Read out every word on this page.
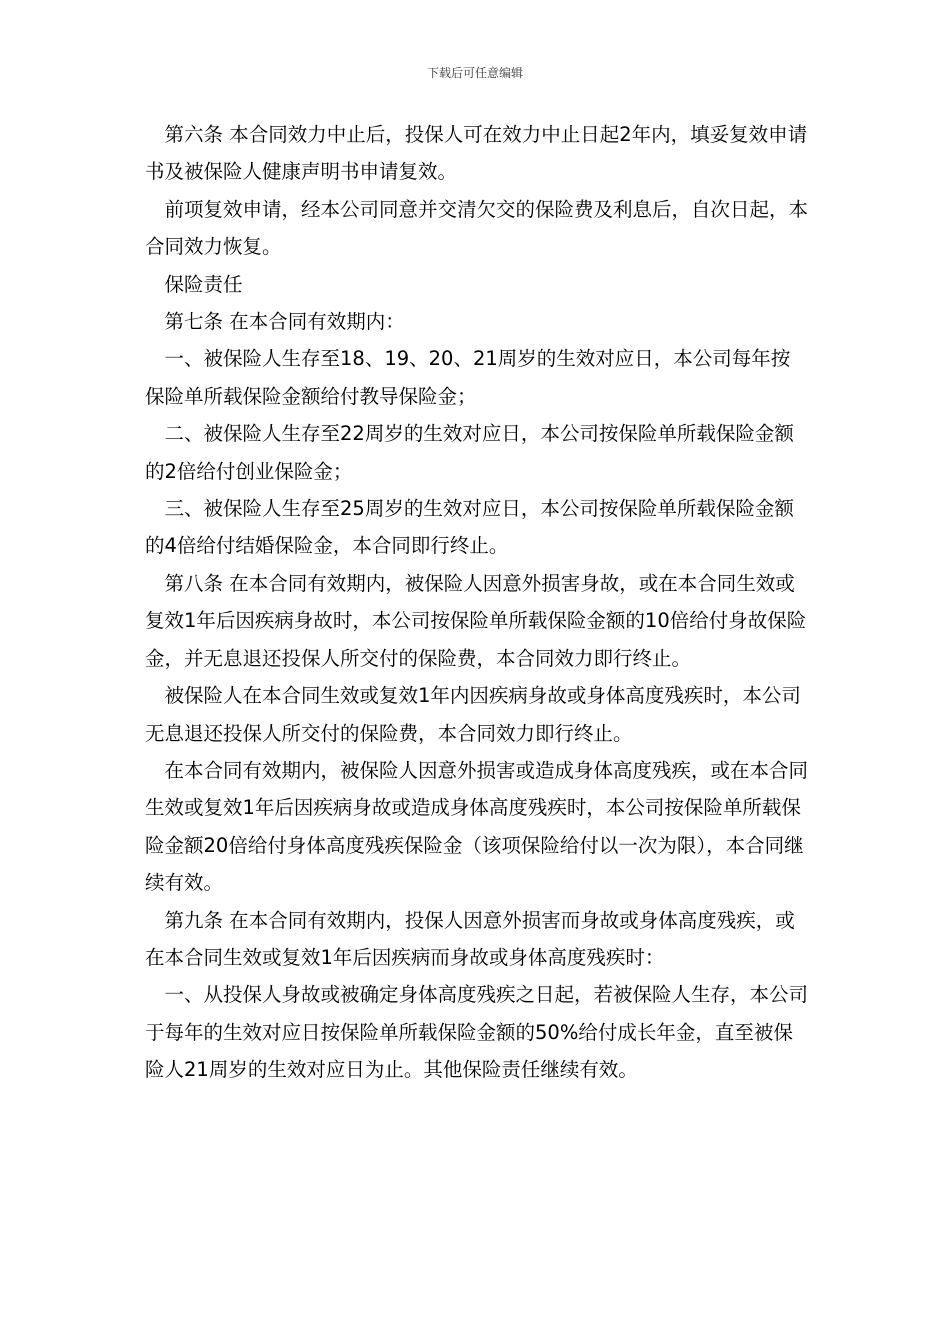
下载后可任意编辑

　第六条 本合同效力中止后，投保人可在效力中止日起2年内，填妥复效申请书及被保险人健康声明书申请复效。

　前项复效申请，经本公司同意并交清欠交的保险费及利息后，自次日起，本合同效力恢复。

　保险责任

　第七条 在本合同有效期内：

　一、被保险人生存至18、19、20、21周岁的生效对应日，本公司每年按保险单所载保险金额给付教导保险金；

　二、被保险人生存至22周岁的生效对应日，本公司按保险单所载保险金额的2倍给付创业保险金；

　三、被保险人生存至25周岁的生效对应日，本公司按保险单所载保险金额的4倍给付结婚保险金，本合同即行终止。

　第八条 在本合同有效期内，被保险人因意外损害身故，或在本合同生效或复效1年后因疾病身故时，本公司按保险单所载保险金额的10倍给付身故保险金，并无息退还投保人所交付的保险费，本合同效力即行终止。

　被保险人在本合同生效或复效1年内因疾病身故或身体高度残疾时，本公司无息退还投保人所交付的保险费，本合同效力即行终止。

　在本合同有效期内，被保险人因意外损害或造成身体高度残疾，或在本合同生效或复效1年后因疾病身故或造成身体高度残疾时，本公司按保险单所载保险金额20倍给付身体高度残疾保险金（该项保险给付以一次为限），本合同继续有效。

　第九条 在本合同有效期内，投保人因意外损害而身故或身体高度残疾，或在本合同生效或复效1年后因疾病而身故或身体高度残疾时：

　一、从投保人身故或被确定身体高度残疾之日起，若被保险人生存，本公司于每年的生效对应日按保险单所载保险金额的50%给付成长年金，直至被保险人21周岁的生效对应日为止。其他保险责任继续有效。
